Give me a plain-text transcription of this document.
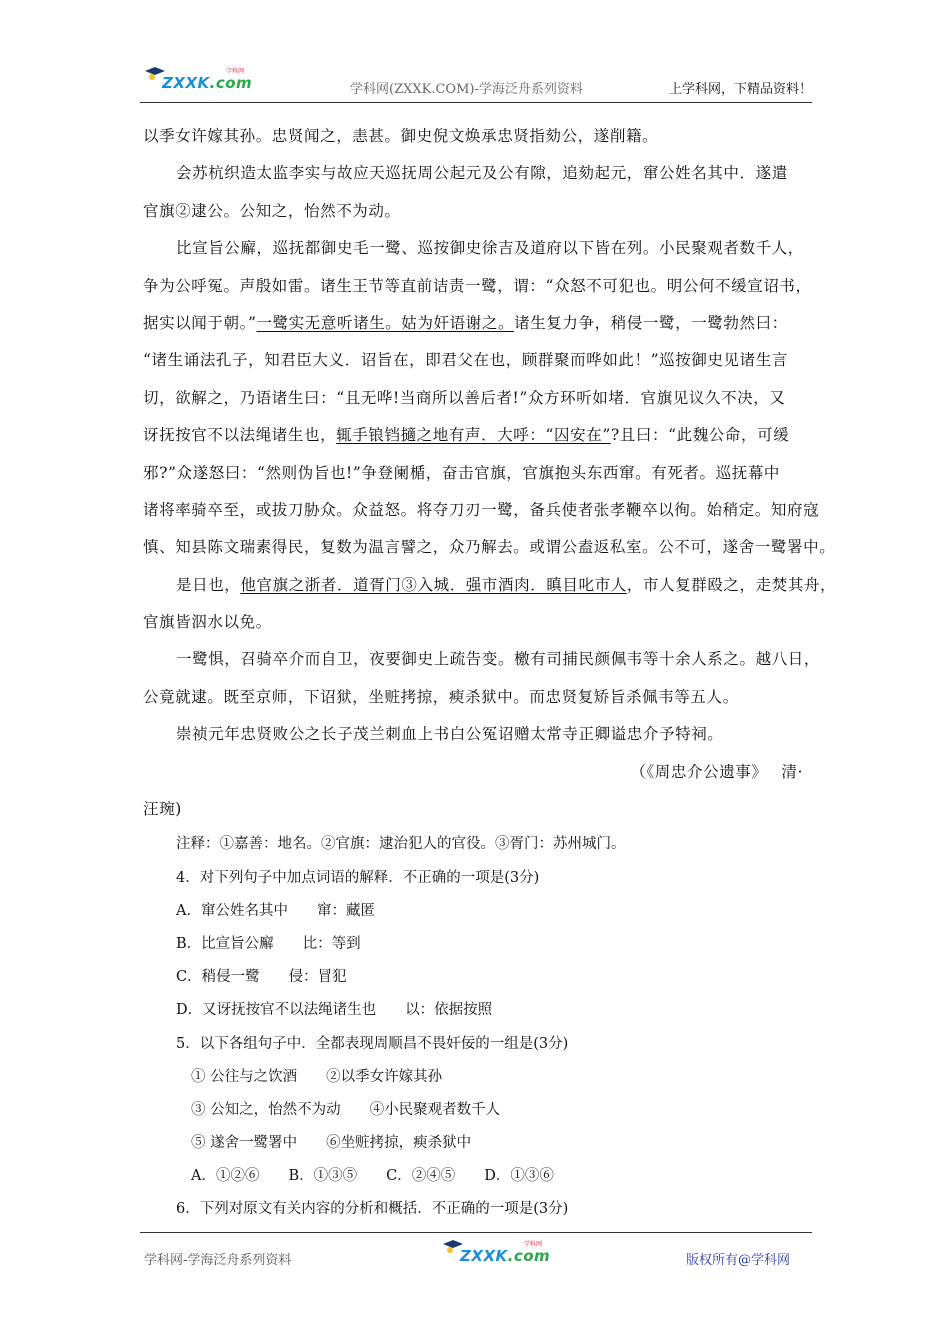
ZXXK.com
学科网
学科网(ZXXK.COM)-学海泛舟系列资料	上学科网，下精品资料！
以季女许嫁其孙。忠贤闻之，恚甚。御史倪文焕承忠贤指劾公，遂削籍。
会苏杭织造太监李实与故应天巡抚周公起元及公有隙，追劾起元，窜公姓名其中．遂遣
官旗②逮公。公知之，怡然不为动。
比宣旨公廨，巡抚都御史毛一鹭、巡按御史徐吉及道府以下皆在列。小民聚观者数千人，
争为公呼冤。声殷如雷。诸生王节等直前诘责一鹭，谓：“众怒不可犯也。明公何不缓宣诏书，
据实以闻于朝。”一鹭实无意听诸生。姑为奸语谢之。诸生复力争，稍侵一鹭，一鹭勃然曰：
“诸生诵法孔子，知君臣大义．诏旨在，即君父在也，顾群聚而哗如此！”巡按御史见诸生言
切，欲解之，乃语诸生曰：“且无哗!当商所以善后者!”众方环听如堵．官旗见议久不决，又
讶抚按官不以法绳诸生也，辄手锒铛擿之地有声．大呼：“囚安在”?且曰：“此魏公命，可缓
邪?”众遂怒曰：“然则伪旨也!”争登阑楯，奋击官旗，官旗抱头东西窜。有死者。巡抚幕中
诸将率骑卒至，或拔刀胁众。众益怒。将夺刀刃一鹭，备兵使者张孝鞭卒以徇。始稍定。知府寇
慎、知县陈文瑞素得民，复数为温言譬之，众乃解去。或谓公盍返私室。公不可，遂舍一鹭署中。
是日也，他官旗之浙者．道胥门③入城．强市酒肉．瞋目叱市人，市人复群殴之，走焚其舟，
官旗皆泅水以免。
一鹭惧，召骑卒介而自卫，夜要御史上疏告变。檄有司捕民颜佩韦等十余人系之。越八日，
公竟就逮。既至京师，下诏狱，坐赃拷掠，瘐杀狱中。而忠贤复矫旨杀佩韦等五人。
崇祯元年忠贤败公之长子茂兰刺血上书白公冤诏赠太常寺正卿谥忠介予特祠。
（《周忠介公遗事》　 清·
汪琬)
注释：①嘉善：地名。②官旗：逮治犯人的官役。③胥门：苏州城门。
4．对下列句子中加点词语的解释．不正确的一项是(3分)
A．窜公姓名其中　　窜：藏匿
B．比宣旨公廨　　比：等到
C．稍侵一鹭　　侵：冒犯
D．又讶抚按官不以法绳诸生也　　以：依据按照
5．以下各组句子中．全都表现周顺昌不畏奸佞的一组是(3分)
① 公往与之饮酒　　②以季女许嫁其孙
③ 公知之，怡然不为动　　④小民聚观者数千人
⑤ 遂舍一鹭署中　　⑥坐赃拷掠，瘐杀狱中
A．①②⑥　　B．①③⑤　　C．②④⑤　　D．①③⑥
6．下列对原文有关内容的分析和概括．不正确的一项是(3分)
学科网-学海泛舟系列资料	ZXXK.com
学科网
版权所有@学科网
